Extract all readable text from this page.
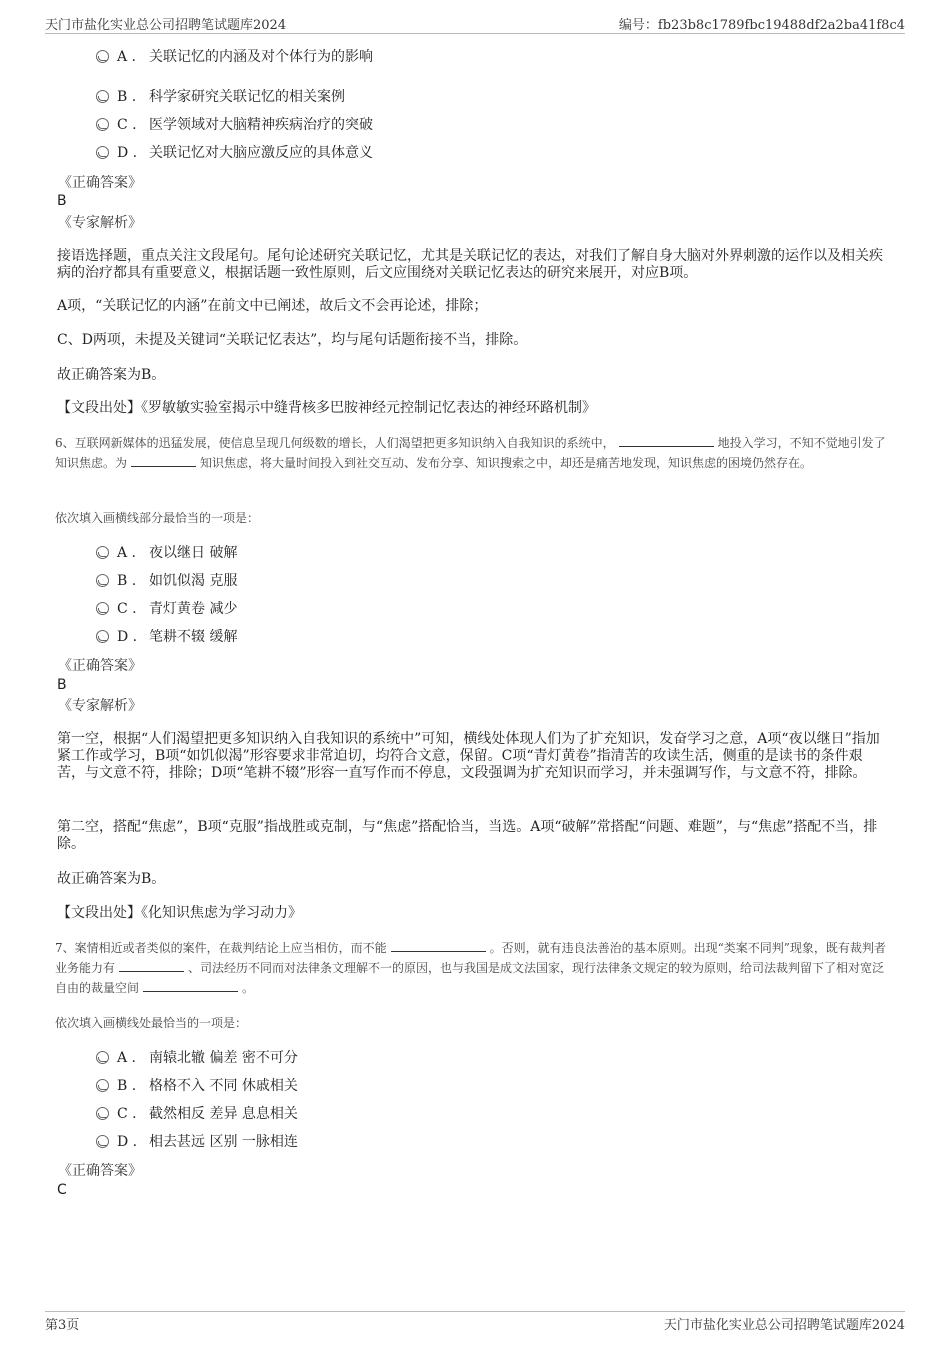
天门市盐化实业总公司招聘笔试题库2024	编号：fb23b8c1789fbc19488df2a2ba41f8c4
A . 关联记忆的内涵及对个体行为的影响
B . 科学家研究关联记忆的相关案例
C . 医学领域对大脑精神疾病治疗的突破
D . 关联记忆对大脑应激反应的具体意义
《正确答案》
B
《专家解析》
接语选择题，重点关注文段尾句。尾句论述研究关联记忆，尤其是关联记忆的表达，对我们了解自身大脑对外界刺激的运作以及相关疾病的治疗都具有重要意义，根据话题一致性原则，后文应围绕对关联记忆表达的研究来展开，对应B项。
A项，“关联记忆的内涵”在前文中已阐述，故后文不会再论述，排除；
C、D两项，未提及关键词“关联记忆表达”，均与尾句话题衔接不当，排除。
故正确答案为B。
【文段出处】《罗敏敏实验室揭示中缝背核多巴胺神经元控制记忆表达的神经环路机制》
6、互联网新媒体的迅猛发展，使信息呈现几何级数的增长，人们渴望把更多知识纳入自我知识的系统中，	地投入学习，不知不觉地引发了知识焦虑。为	知识焦虑，将大量时间投入到社交互动、发布分享、知识搜索之中，却还是痛苦地发现，知识焦虑的困境仍然存在。
依次填入画横线部分最恰当的一项是：
A . 夜以继日 破解
B . 如饥似渴 克服
C . 青灯黄卷 减少
D . 笔耕不辍 缓解
《正确答案》
B
《专家解析》
第一空，根据“人们渴望把更多知识纳入自我知识的系统中”可知，横线处体现人们为了扩充知识，发奋学习之意，A项“夜以继日”指加紧工作或学习，B项“如饥似渴”形容要求非常迫切，均符合文意，保留。C项“青灯黄卷”指清苦的攻读生活，侧重的是读书的条件艰苦，与文意不符，排除；D项“笔耕不辍”形容一直写作而不停息，文段强调为扩充知识而学习，并未强调写作，与文意不符，排除。
第二空，搭配“焦虑”，B项“克服”指战胜或克制，与“焦虑”搭配恰当，当选。A项“破解”常搭配“问题、难题”，与“焦虑”搭配不当，排除。
故正确答案为B。
【文段出处】《化知识焦虑为学习动力》
7、案情相近或者类似的案件，在裁判结论上应当相仿，而不能	。否则，就有违良法善治的基本原则。出现“类案不同判”现象，既有裁判者业务能力有	、司法经历不同而对法律条文理解不一的原因，也与我国是成文法国家，现行法律条文规定的较为原则，给司法裁判留下了相对宽泛自由的裁量空间	。
依次填入画横线处最恰当的一项是：
A . 南辕北辙 偏差 密不可分
B . 格格不入 不同 休戚相关
C . 截然相反 差异 息息相关
D . 相去甚远 区别 一脉相连
《正确答案》
C
第3页	天门市盐化实业总公司招聘笔试题库2024
